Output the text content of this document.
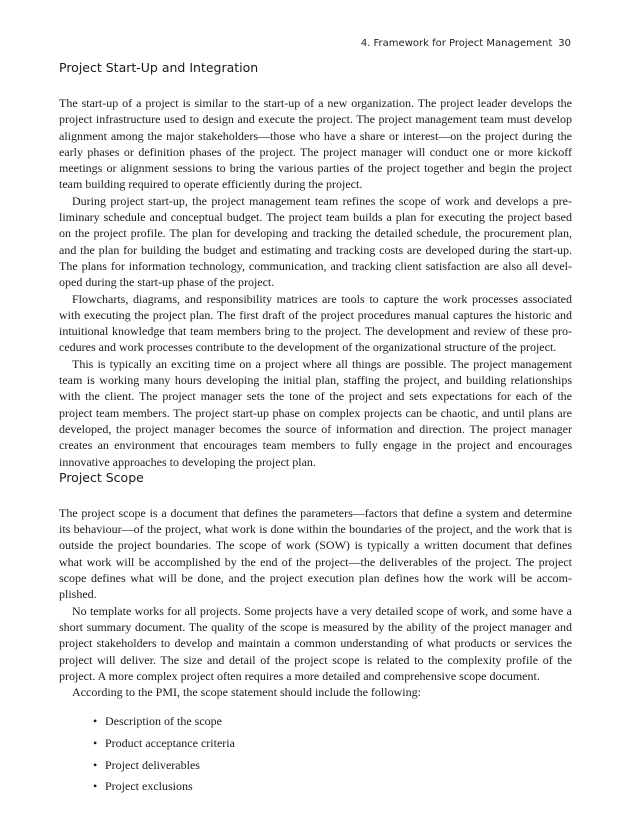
4. Framework for Project Management 30
Project Start-Up and Integration

The start-up of a project is similar to the start-up of a new organization. The project leader develops the project infrastructure used to design and execute the project. The project management team must develop alignment among the major stakeholders—those who have a share or interest—on the project during the early phases or definition phases of the project. The project manager will conduct one or more kickoff meetings or alignment sessions to bring the various parties of the project together and begin the project team building required to operate efficiently during the project.

During project start-up, the project management team refines the scope of work and develops a preliminary schedule and conceptual budget. The project team builds a plan for executing the project based on the project profile. The plan for developing and tracking the detailed schedule, the procurement plan, and the plan for building the budget and estimating and tracking costs are developed during the start-up. The plans for information technology, communication, and tracking client satisfaction are also all developed during the start-up phase of the project.

Flowcharts, diagrams, and responsibility matrices are tools to capture the work processes associated with executing the project plan. The first draft of the project procedures manual captures the historic and intuitional knowledge that team members bring to the project. The development and review of these procedures and work processes contribute to the development of the organizational structure of the project.

This is typically an exciting time on a project where all things are possible. The project management team is working many hours developing the initial plan, staffing the project, and building relationships with the client. The project manager sets the tone of the project and sets expectations for each of the project team members. The project start-up phase on complex projects can be chaotic, and until plans are developed, the project manager becomes the source of information and direction. The project manager creates an environment that encourages team members to fully engage in the project and encourages innovative approaches to developing the project plan.

Project Scope

The project scope is a document that defines the parameters—factors that define a system and determine its behaviour—of the project, what work is done within the boundaries of the project, and the work that is outside the project boundaries. The scope of work (SOW) is typically a written document that defines what work will be accomplished by the end of the project—the deliverables of the project. The project scope defines what will be done, and the project execution plan defines how the work will be accomplished.

No template works for all projects. Some projects have a very detailed scope of work, and some have a short summary document. The quality of the scope is measured by the ability of the project manager and project stakeholders to develop and maintain a common understanding of what products or services the project will deliver. The size and detail of the project scope is related to the complexity profile of the project. A more complex project often requires a more detailed and comprehensive scope document.

According to the PMI, the scope statement should include the following:

• Description of the scope
• Product acceptance criteria
• Project deliverables
• Project exclusions
